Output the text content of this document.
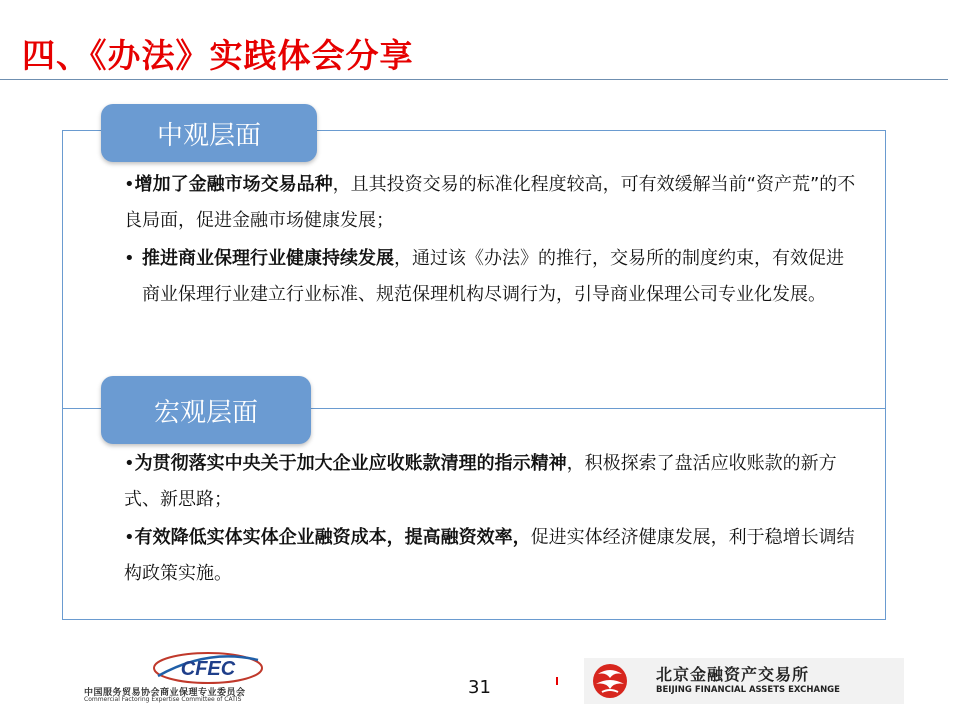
四、《办法》实践体会分享
中观层面
•增加了金融市场交易品种，且其投资交易的标准化程度较高，可有效缓解当前“资产荒”的不良局面，促进金融市场健康发展；
• 推进商业保理行业健康持续发展，通过该《办法》的推行，交易所的制度约束，有效促进商业保理行业建立行业标准、规范保理机构尽调行为，引导商业保理公司专业化发展。
宏观层面
•为贯彻落实中央关于加大企业应收账款清理的指示精神，积极探索了盘活应收账款的新方式、新思路；
•有效降低实体实体企业融资成本，提高融资效率，促进实体经济健康发展，利于稳增长调结构政策实施。
CFEC
中国服务贸易协会商业保理专业委员会
Commercial Factoring Expertise Committee of CATIS
31
北京金融资产交易所
BEIJING FINANCIAL ASSETS EXCHANGE
